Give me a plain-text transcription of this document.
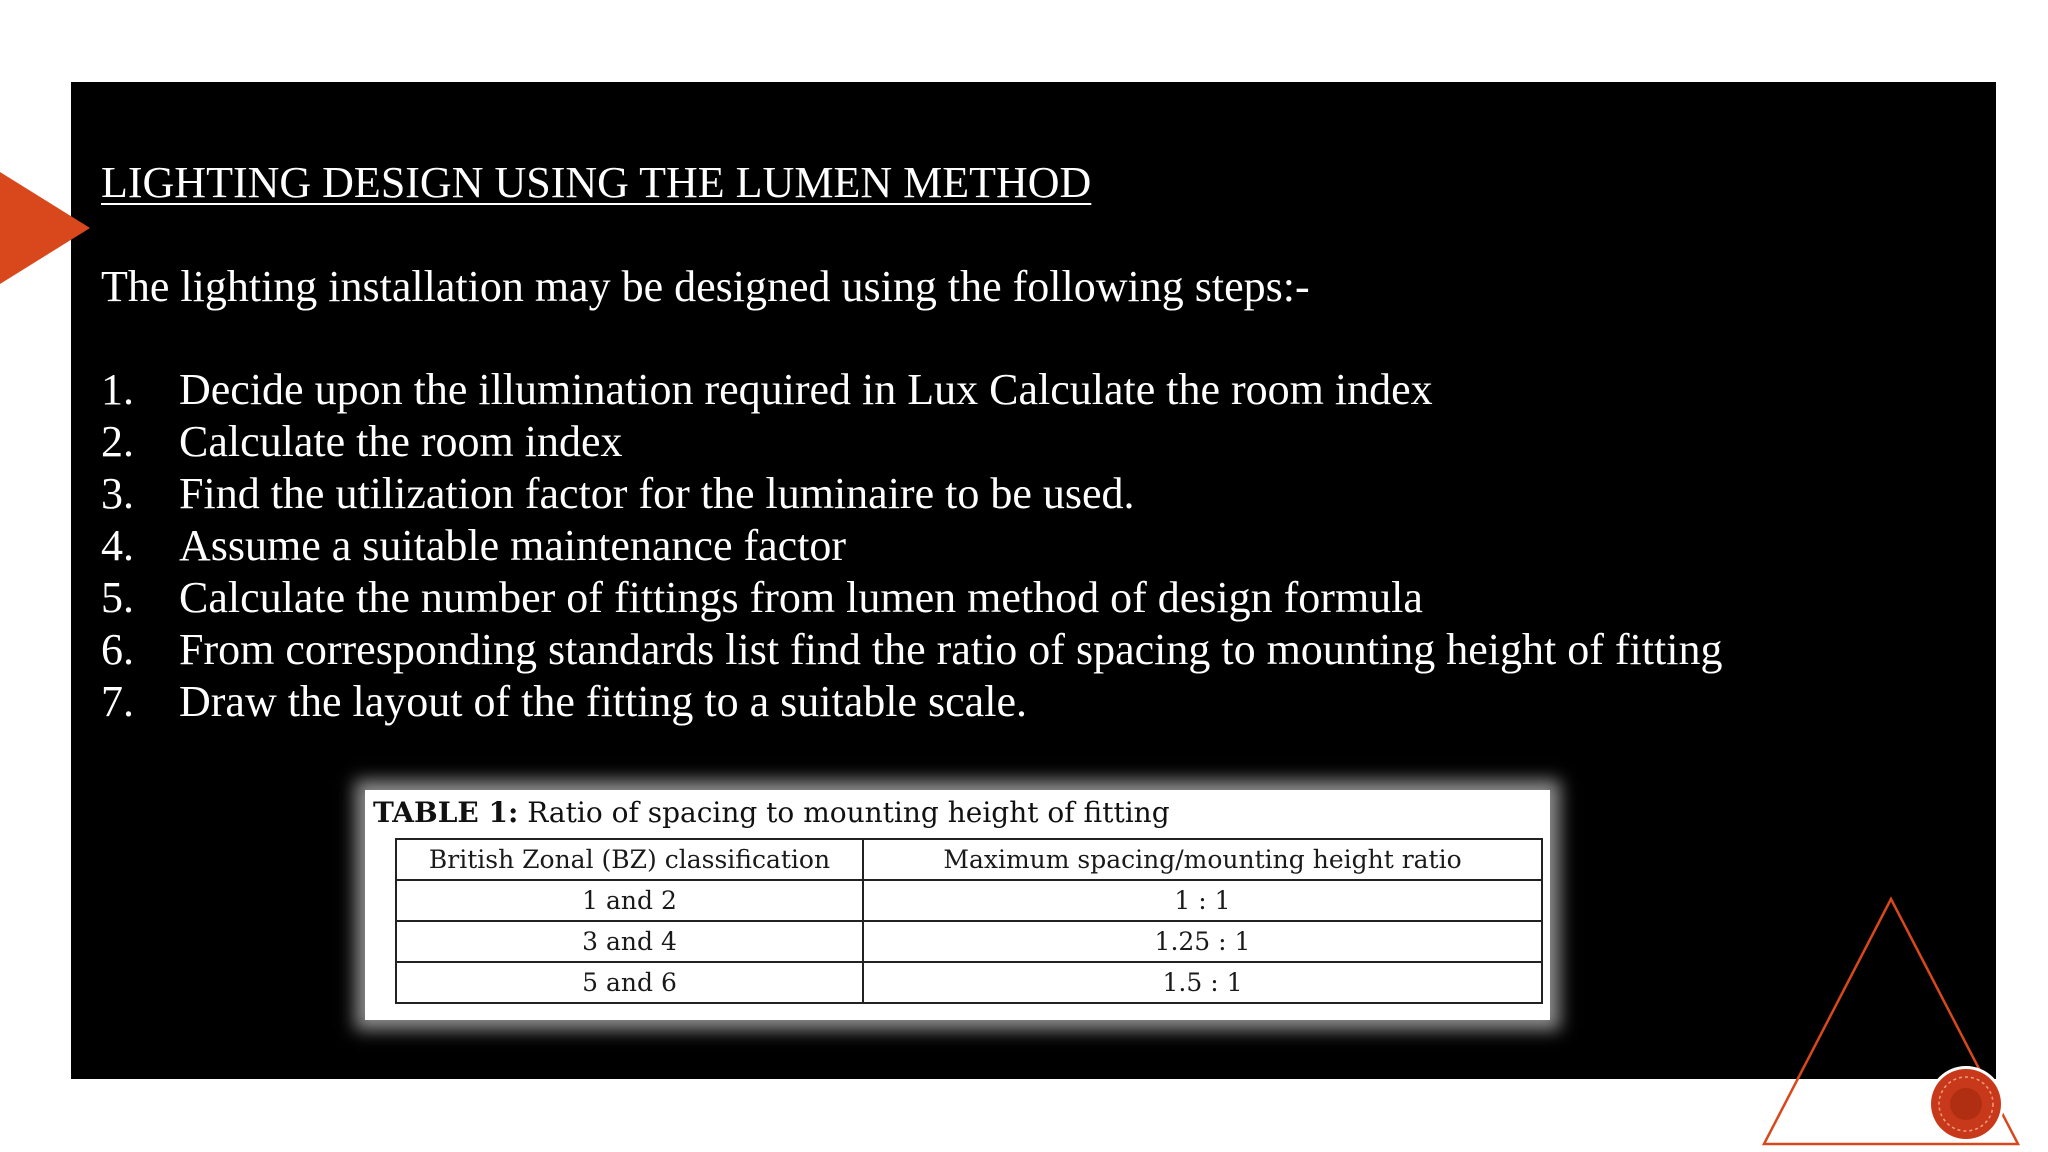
LIGHTING DESIGN USING THE LUMEN METHOD

The lighting installation may be designed using the following steps:-

1.	Decide upon the illumination required in Lux Calculate the room index
2.	Calculate the room index
3.	Find the utilization factor for the luminaire to be used.
4.	Assume a suitable maintenance factor
5.	Calculate the number of fittings from lumen method of design formula
6.	From corresponding standards list find the ratio of spacing to mounting height of fitting
7.	Draw the layout of the fitting to a suitable scale.
TABLE 1: Ratio of spacing to mounting height of fitting
British Zonal (BZ) classification	Maximum spacing/mounting height ratio
1 and 2	1 : 1
3 and 4	1.25 : 1
5 and 6	1.5 : 1
